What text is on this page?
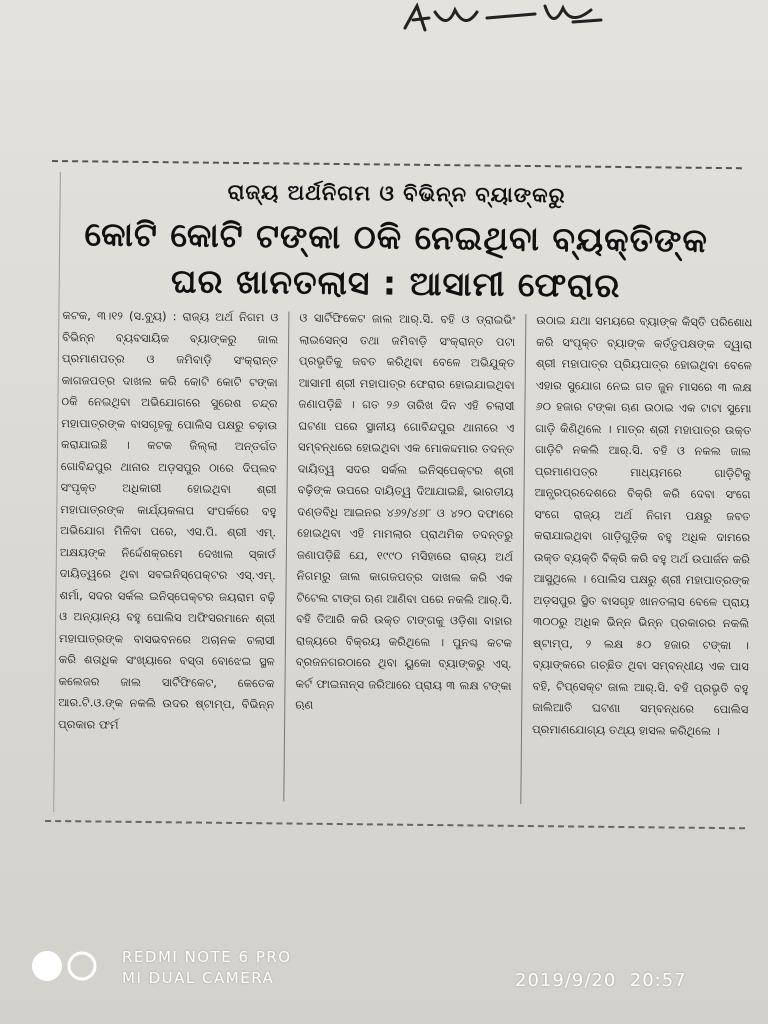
ରାଜ୍ୟ ଅର୍ଥନିଗମ ଓ ବିଭିନ୍ନ ବ୍ୟାଙ୍କରୁ
କୋଟି କୋଟି ଟଙ୍କା ଠକି ନେଇଥିବା ବ୍ୟକ୍ତିଙ୍କ
ଘର ଖାନତଲାସ : ଆସାମୀ ଫେରାର

କଟକ, ୩।୧୨ (ସ.ବ୍ୟୁ) : ରାଜ୍ୟ ଅର୍ଥ ନିଗମ ଓ ବିଭିନ୍ନ ବ୍ୟବସାୟିକ ବ୍ୟାଙ୍କରୁ ଜାଲ ପ୍ରମାଣପତ୍ର ଓ ଜମିବାଡ଼ି ସଂକ୍ରାନ୍ତ କାଗଜପତ୍ର ଦାଖଲ କରି କୋଟି କୋଟି ଟଙ୍କା ଠକି ନେଇଥିବା ଅଭିଯୋଗରେ ସୁରେଶ ଚନ୍ଦ୍ର ମହାପାତ୍ରଙ୍କ ବାସଗୃହକୁ ପୋଲିସ ପକ୍ଷରୁ ଚଢ଼ାଉ କରାଯାଇଛି । କଟକ ଜିଲ୍ଲା ଅନ୍ତର୍ଗତ ଗୋବିନ୍ଦପୁର ଥାନାର ଅଡ଼ସପୁର ଠାରେ ଦିପ୍ଲବ ସଂପୃକ୍ତ ଅଧିକାରୀ ହୋଇଥିବା ଶ୍ରୀ ମହାପାତ୍ରଙ୍କ କାର୍ଯ୍ୟକଳାପ ସଂପର୍କରେ ବହୁ ଅଭିଯୋଗ ମିଳିବା ପରେ, ଏସ.ପି. ଶ୍ରୀ ଏମ୍. ଅକ୍ଷୟଙ୍କ ନିର୍ଦ୍ଦେଶକ୍ରମେ ଦେଖାଲ ସ୍କାର୍ଡ ଦାୟିତ୍ୱରେ ଥିବା ସବଇନିସ୍ପେକ୍ଟର ଏସ୍.ଏମ୍. ଶର୍ମା, ସଦର ସର୍କଲ ଇନିସ୍ପେକ୍ଟର ଜୟରାମ ବଢ଼ି ଓ ଅନ୍ୟାନ୍ୟ ବହୁ ପୋଲିସ ଅଫିସରମାନେ ଶ୍ରୀ ମହାପାତ୍ରଙ୍କ ବାସଭବନରେ ଅଚାନକ ଚଲାସୀ କରି ଶତାଧିକ ସଂଖ୍ୟାରେ ବସ୍ତା ବୋଝେଇ ସ୍ଥଳ କଲେଜର ଜାଲ ସାର୍ଟିଫିକେଟ, କେତେକ ଆର.ଟି.ଓ.ଙ୍କ ନକଲି ଉଦର ଷ୍ଟାମ୍ପ, ବିଭିନ୍ନ ପ୍ରକାର ଫର୍ମ

ଓ ସାର୍ଟିଫିକେଟ ଜାଲ ଆର୍.ସି. ବହି ଓ ଡ୍ରାଇଭିଂ ଲାଇସେନ୍ସ ତଥା ଜମିବାଡ଼ି ସଂକ୍ରାନ୍ତ ପଟା ପ୍ରଭୃତିକୁ ଜବତ କରିଥିବା ବେଳେ ଅଭିଯୁକ୍ତ ଆସାମୀ ଶ୍ରୀ ମହାପାତ୍ର ଫେରାର ହୋଇଯାଇଥିବା ଜଣାପଡ଼ିଛି । ଗତ ୨୬ ତାରିଖ ଦିନ ଏହି ଚଲାସୀ ଘଟଣା ପରେ ସ୍ଥାନୀୟ ଗୋବିନ୍ଦପୁର ଥାନାରେ ଏ ସମ୍ବନ୍ଧରେ ହୋଇଥିବା ଏକ ମୋକଦ୍ଦମାର ତଦନ୍ତ ଦାୟିତ୍ୱ ସଦର ସର୍କଲ ଇନିସ୍ପେକ୍ଟର ଶ୍ରୀ ବଢ଼ିଙ୍କ ଉପରେ ଦାୟିତ୍ୱ ଦିଆଯାଇଛି, ଭାରତୀୟ ଦଣ୍ଡବିଧି ଆଇନର ୪୬୨/୪୬୮ ଓ ୪୨୦ ଦଫାରେ ହୋଇଥିବା ଏହି ମାମଲାର ପ୍ରାଥମିକ ତଦନ୍ତରୁ ଜଣାପଡ଼ିଛି ଯେ, ୧୯୯୦ ମସିହାରେ ରାଜ୍ୟ ଅର୍ଥ ନିଗମରୁ ଜାଲ କାଗଜପତ୍ର ଦାଖଲ କରି ଏକ ଟିଟେଲ ଟାଙ୍ଗ ଋଣ ଆଣିବା ପରେ ନକଲି ଆର୍.ସି. ବହି ତିଆରି କରି ଉକ୍ତ ଟାଙ୍ଗକୁ ଓଡ଼ିଶା ବାହାର ରାଜ୍ୟରେ ବିକ୍ରୟ କରିଥିଲେ । ପୁନଶ୍ଚ କଟକ ବ୍ରଜନଗରଠାରେ ଥିବା ୟୁକୋ ବ୍ୟାଙ୍କରୁ ଏସ୍. କର୍ଟ ଫାଇନାନ୍ସ ଜରିଆରେ ପ୍ରାୟ ୩ ଲକ୍ଷ ଟଙ୍କା ଋଣ

ଉଠାଇ ଯଥା ସମୟରେ ବ୍ୟାଙ୍କ କିସ୍ତି ପରିଶୋଧ କରି ସଂପୃକ୍ତ ବ୍ୟାଙ୍କ କର୍ତ୍ତୃପକ୍ଷଙ୍କ ଦ୍ୱାରା ଶ୍ରୀ ମହାପାତ୍ର ପ୍ରିୟପାତ୍ର ହୋଇଥିବା ବେଳେ ଏହାର ସୁଯୋଗ ନେଇ ଗତ ଜୁନ ମାସରେ ୩ ଲକ୍ଷ ୬୦ ହଜାର ଟଙ୍କା ଋଣ ଉଠାଇ ଏକ ଟାଟା ସୁମୋ ଗାଡ଼ି କିଣିଥିଲେ । ମାତ୍ର ଶ୍ରୀ ମହାପାତ୍ର ଉକ୍ତ ଗାଡ଼ିଟି ନକଲି ଆର୍.ସି. ବହି ଓ ନକଲ ଜାଲ ପ୍ରମାଣପତ୍ର ମାଧ୍ୟମରେ ଗାଡ଼ିଟିକୁ ଆନ୍ଧ୍ରପ୍ରଦେଶରେ ବିକ୍ରି କରି ଦେବା ସଂଗେ ସଂଗେ ରାଜ୍ୟ ଅର୍ଥ ନିଗମ ପକ୍ଷରୁ ଜବତ କରାଯାଇଥିବା ଗାଡ଼ିଗୁଡ଼ିକ ବହୁ ଅଧିକ ଦାମରେ ଉକ୍ତ ବ୍ୟକ୍ତି ବିକ୍ରି କରି ବହୁ ଅର୍ଥ ଉପାର୍ଜନ କରି ଆସୁଥିଲେ । ପୋଲିସ ପକ୍ଷରୁ ଶ୍ରୀ ମହାପାତ୍ରଙ୍କ ଅଡ଼ସପୁର ସ୍ଥିତ ବାସଗୃହ ଖାନତଲାସ ବେଳେ ପ୍ରାୟ ୩୦୦ରୁ ଅଧିକ ଭିନ୍ନ ଭିନ୍ନ ପ୍ରକାରର ନକଲି ଷ୍ଟାମ୍ପ, ୨ ଲକ୍ଷ ୫୦ ହଜାର ଟଙ୍କା । ବ୍ୟାଙ୍କରେ ଗଚ୍ଛିତ ଥିବା ସମ୍ବନ୍ଧୀୟ ଏକ ପାସ ବହି, ଟିପ୍ସେକ୍ଟ ଜାଲ ଆର୍.ସି. ବହି ପ୍ରଭୃତି ବହୁ ଜାଲିଆତି ଘଟଣା ସମ୍ବନ୍ଧରେ ପୋଲିସ ପ୍ରମାଣଯୋଗ୍ୟ ତଥ୍ୟ ହାସଲ କରିଥିଲେ ।

REDMI NOTE 6 PRO
MI DUAL CAMERA	2019/9/20 20:57
